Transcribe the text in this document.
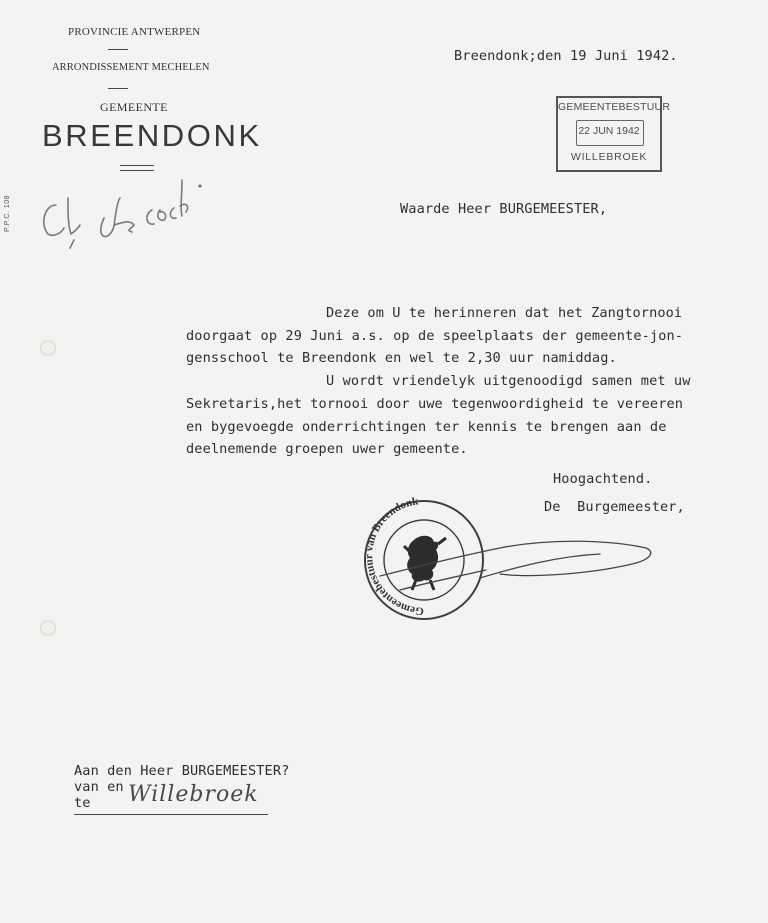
PROVINCIE ANTWERPEN
ARRONDISSEMENT MECHELEN
GEMEENTE
BREENDONK
P.P.C. 108
Breendonk;den 19 Juni 1942.
GEMEENTEBESTUUR
22 JUN 1942
WILLEBROEK
Waarde Heer BURGEMEESTER,
Deze om U te herinneren dat het Zangtornooi
doorgaat op 29 Juni a.s. op de speelplaats der gemeente-jon-
gensschool te Breendonk en wel te 2,30 uur namiddag.
U wordt vriendelyk uitgenoodigd samen met uw
Sekretaris,het tornooi door uwe tegenwoordigheid te vereeren
en bygevoegde onderrichtingen ter kennis te brengen aan de
deelnemende groepen uwer gemeente.
Hoogachtend.
De  Burgemeester,
Gemeentebestuur van Breendonk
Aan den Heer BURGEMEESTER?
van en
te Willebroek
